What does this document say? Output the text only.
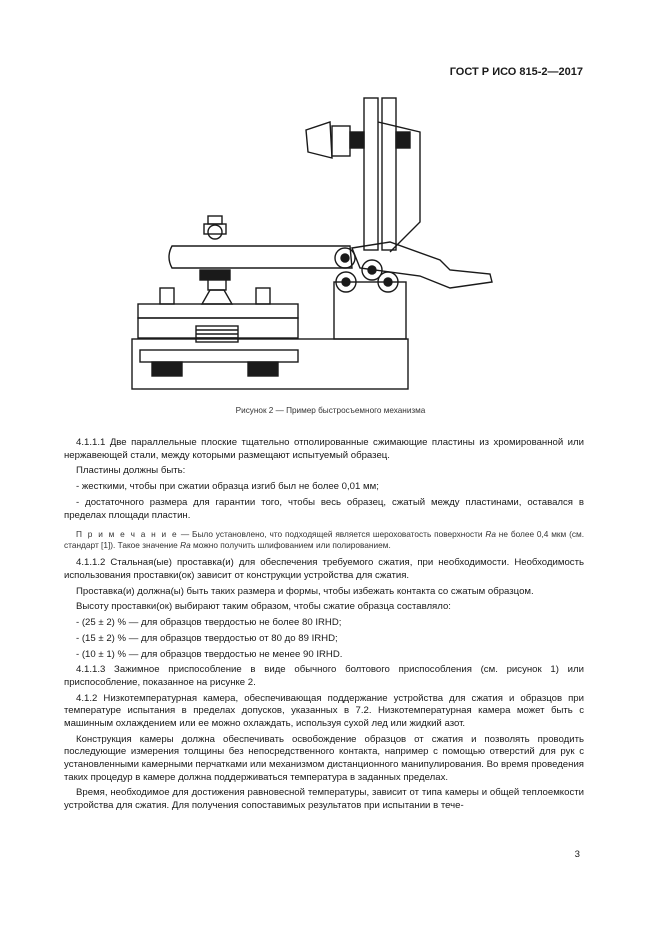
ГОСТ Р ИСО 815-2—2017
Рисунок 2 — Пример быстросъемного механизма

4.1.1.1 Две параллельные плоские тщательно отполированные сжимающие пластины из хромированной или нержавеющей стали, между которыми размещают испытуемый образец.

Пластины должны быть:

- жесткими, чтобы при сжатии образца изгиб был не более 0,01 мм;

- достаточного размера для гарантии того, чтобы весь образец, сжатый между пластинами, оставался в пределах площади пластин.

П р и м е ч а н и е — Было установлено, что подходящей является шероховатость поверхности Ra не более 0,4 мкм (см. стандарт [1]). Такое значение Ra можно получить шлифованием или полированием.

4.1.1.2 Стальная(ые) проставка(и) для обеспечения требуемого сжатия, при необходимости. Необходимость использования проставки(ок) зависит от конструкции устройства для сжатия.

Проставка(и) должна(ы) быть таких размера и формы, чтобы избежать контакта со сжатым образцом.

Высоту проставки(ок) выбирают таким образом, чтобы сжатие образца составляло:

- (25 ± 2) % — для образцов твердостью не более 80 IRHD;

- (15 ± 2) % — для образцов твердостью от 80 до 89 IRHD;

- (10 ± 1) % — для образцов твердостью не менее 90 IRHD.

4.1.1.3 Зажимное приспособление в виде обычного болтового приспособления (см. рисунок 1) или приспособление, показанное на рисунке 2.

4.1.2 Низкотемпературная камера, обеспечивающая поддержание устройства для сжатия и образцов при температуре испытания в пределах допусков, указанных в 7.2. Низкотемпературная камера может быть с машинным охлаждением или ее можно охлаждать, используя сухой лед или жидкий азот.

Конструкция камеры должна обеспечивать освобождение образцов от сжатия и позволять проводить последующие измерения толщины без непосредственного контакта, например с помощью отверстий для рук с установленными камерными перчатками или механизмом дистанционного манипулирования. Во время проведения таких процедур в камере должна поддерживаться температура в заданных пределах.

Время, необходимое для достижения равновесной температуры, зависит от типа камеры и общей теплоемкости устройства для сжатия. Для получения сопоставимых результатов при испытании в тече-

3
